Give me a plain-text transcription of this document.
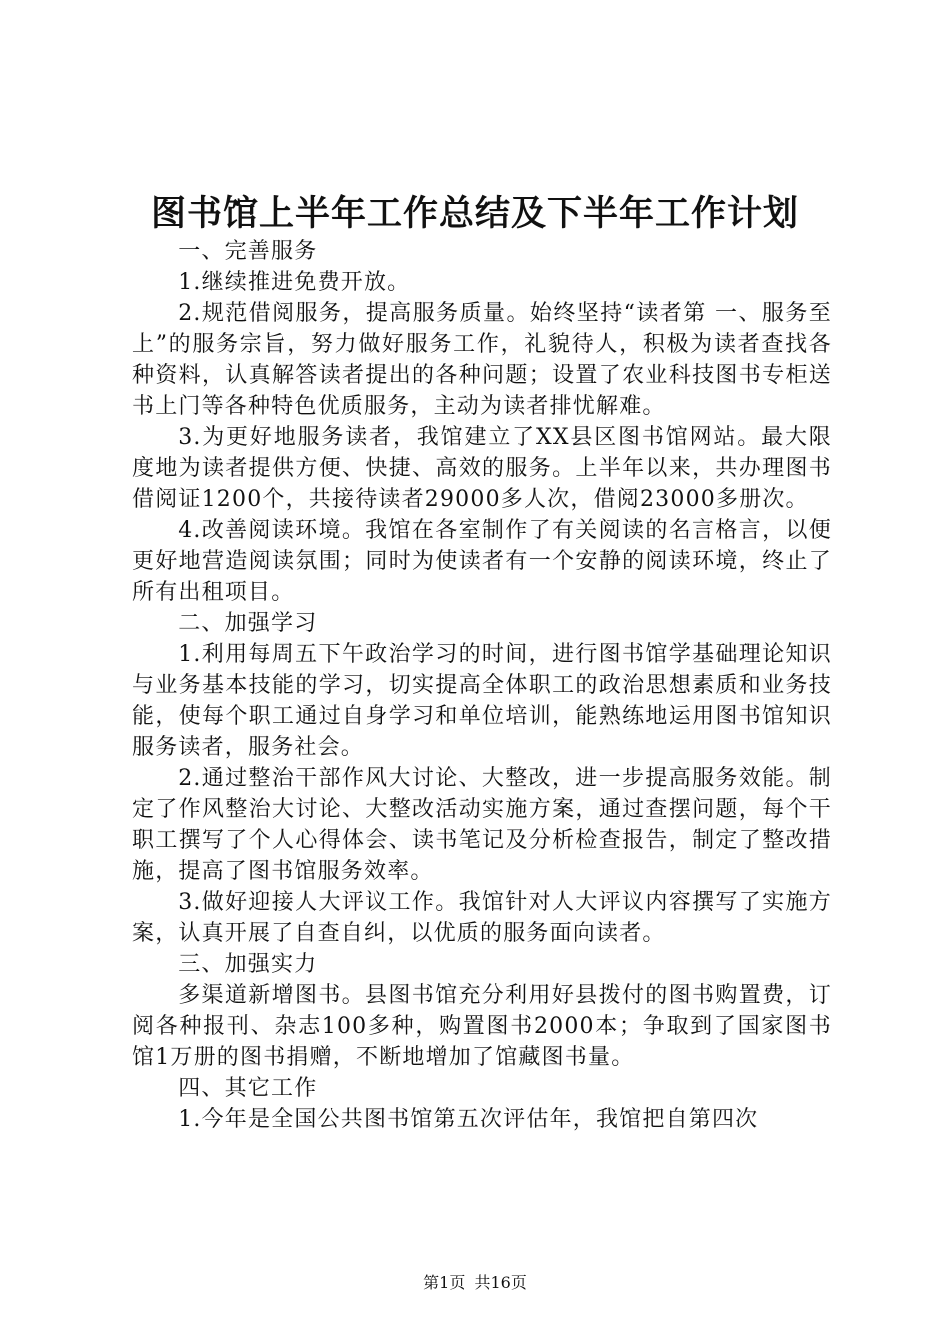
图书馆上半年工作总结及下半年工作计划

一、完善服务

1.继续推进免费开放。

2.规范借阅服务，提高服务质量。始终坚持“读者第 一、服务至上”的服务宗旨，努力做好服务工作，礼貌待人，积极为读者查找各种资料，认真解答读者提出的各种问题；设置了农业科技图书专柜送书上门等各种特色优质服务，主动为读者排忧解难。

3.为更好地服务读者，我馆建立了XX县区图书馆网站。最大限度地为读者提供方便、快捷、高效的服务。上半年以来，共办理图书借阅证1200个，共接待读者29000多人次，借阅23000多册次。

4.改善阅读环境。我馆在各室制作了有关阅读的名言格言，以便更好地营造阅读氛围；同时为使读者有一个安静的阅读环境，终止了所有出租项目。

二、加强学习

1.利用每周五下午政治学习的时间，进行图书馆学基础理论知识与业务基本技能的学习，切实提高全体职工的政治思想素质和业务技能，使每个职工通过自身学习和单位培训，能熟练地运用图书馆知识服务读者，服务社会。

2.通过整治干部作风大讨论、大整改，进一步提高服务效能。制定了作风整治大讨论、大整改活动实施方案，通过查摆问题，每个干职工撰写了个人心得体会、读书笔记及分析检查报告，制定了整改措施，提高了图书馆服务效率。

3.做好迎接人大评议工作。我馆针对人大评议内容撰写了实施方案，认真开展了自查自纠，以优质的服务面向读者。

三、加强实力

多渠道新增图书。县图书馆充分利用好县拨付的图书购置费，订阅各种报刊、杂志100多种，购置图书2000本；争取到了国家图书馆1万册的图书捐赠，不断地增加了馆藏图书量。

四、其它工作

1.今年是全国公共图书馆第五次评估年，我馆把自第四次

第1页 共16页
